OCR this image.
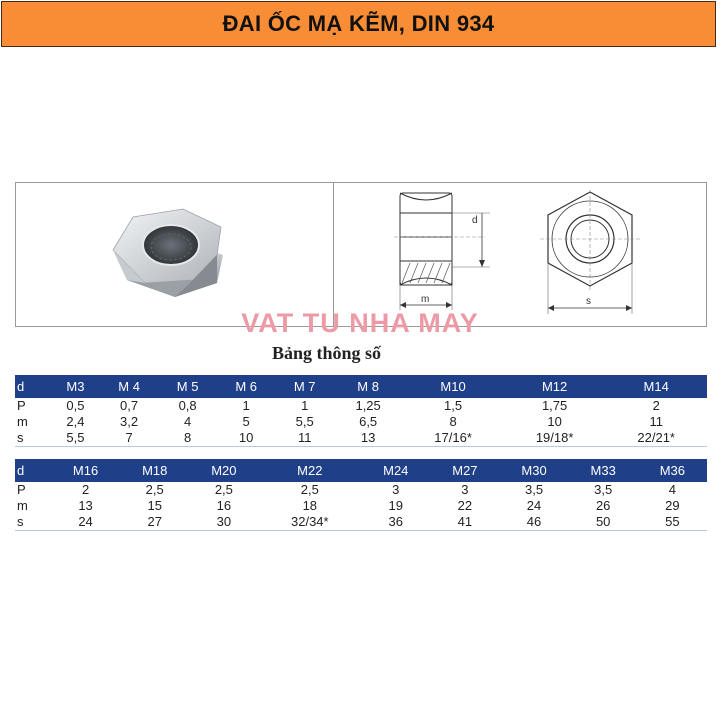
ĐAI ỐC MẠ KẼM, DIN 934
d
m	s
VAT TU NHA MAY
Bảng thông số
d	M3	M 4	M 5	M 6	M 7	M 8	M10	M12	M14
P	0,5	0,7	0,8	1	1	1,25	1,5	1,75	2
m	2,4	3,2	4	5	5,5	6,5	8	10	11
s	5,5	7	8	10	11	13	17/16*	19/18*	22/21*
d	M16	M18	M20	M22	M24	M27	M30	M33	M36
P	2	2,5	2,5	2,5	3	3	3,5	3,5	4
m	13	15	16	18	19	22	24	26	29
s	24	27	30	32/34*	36	41	46	50	55
